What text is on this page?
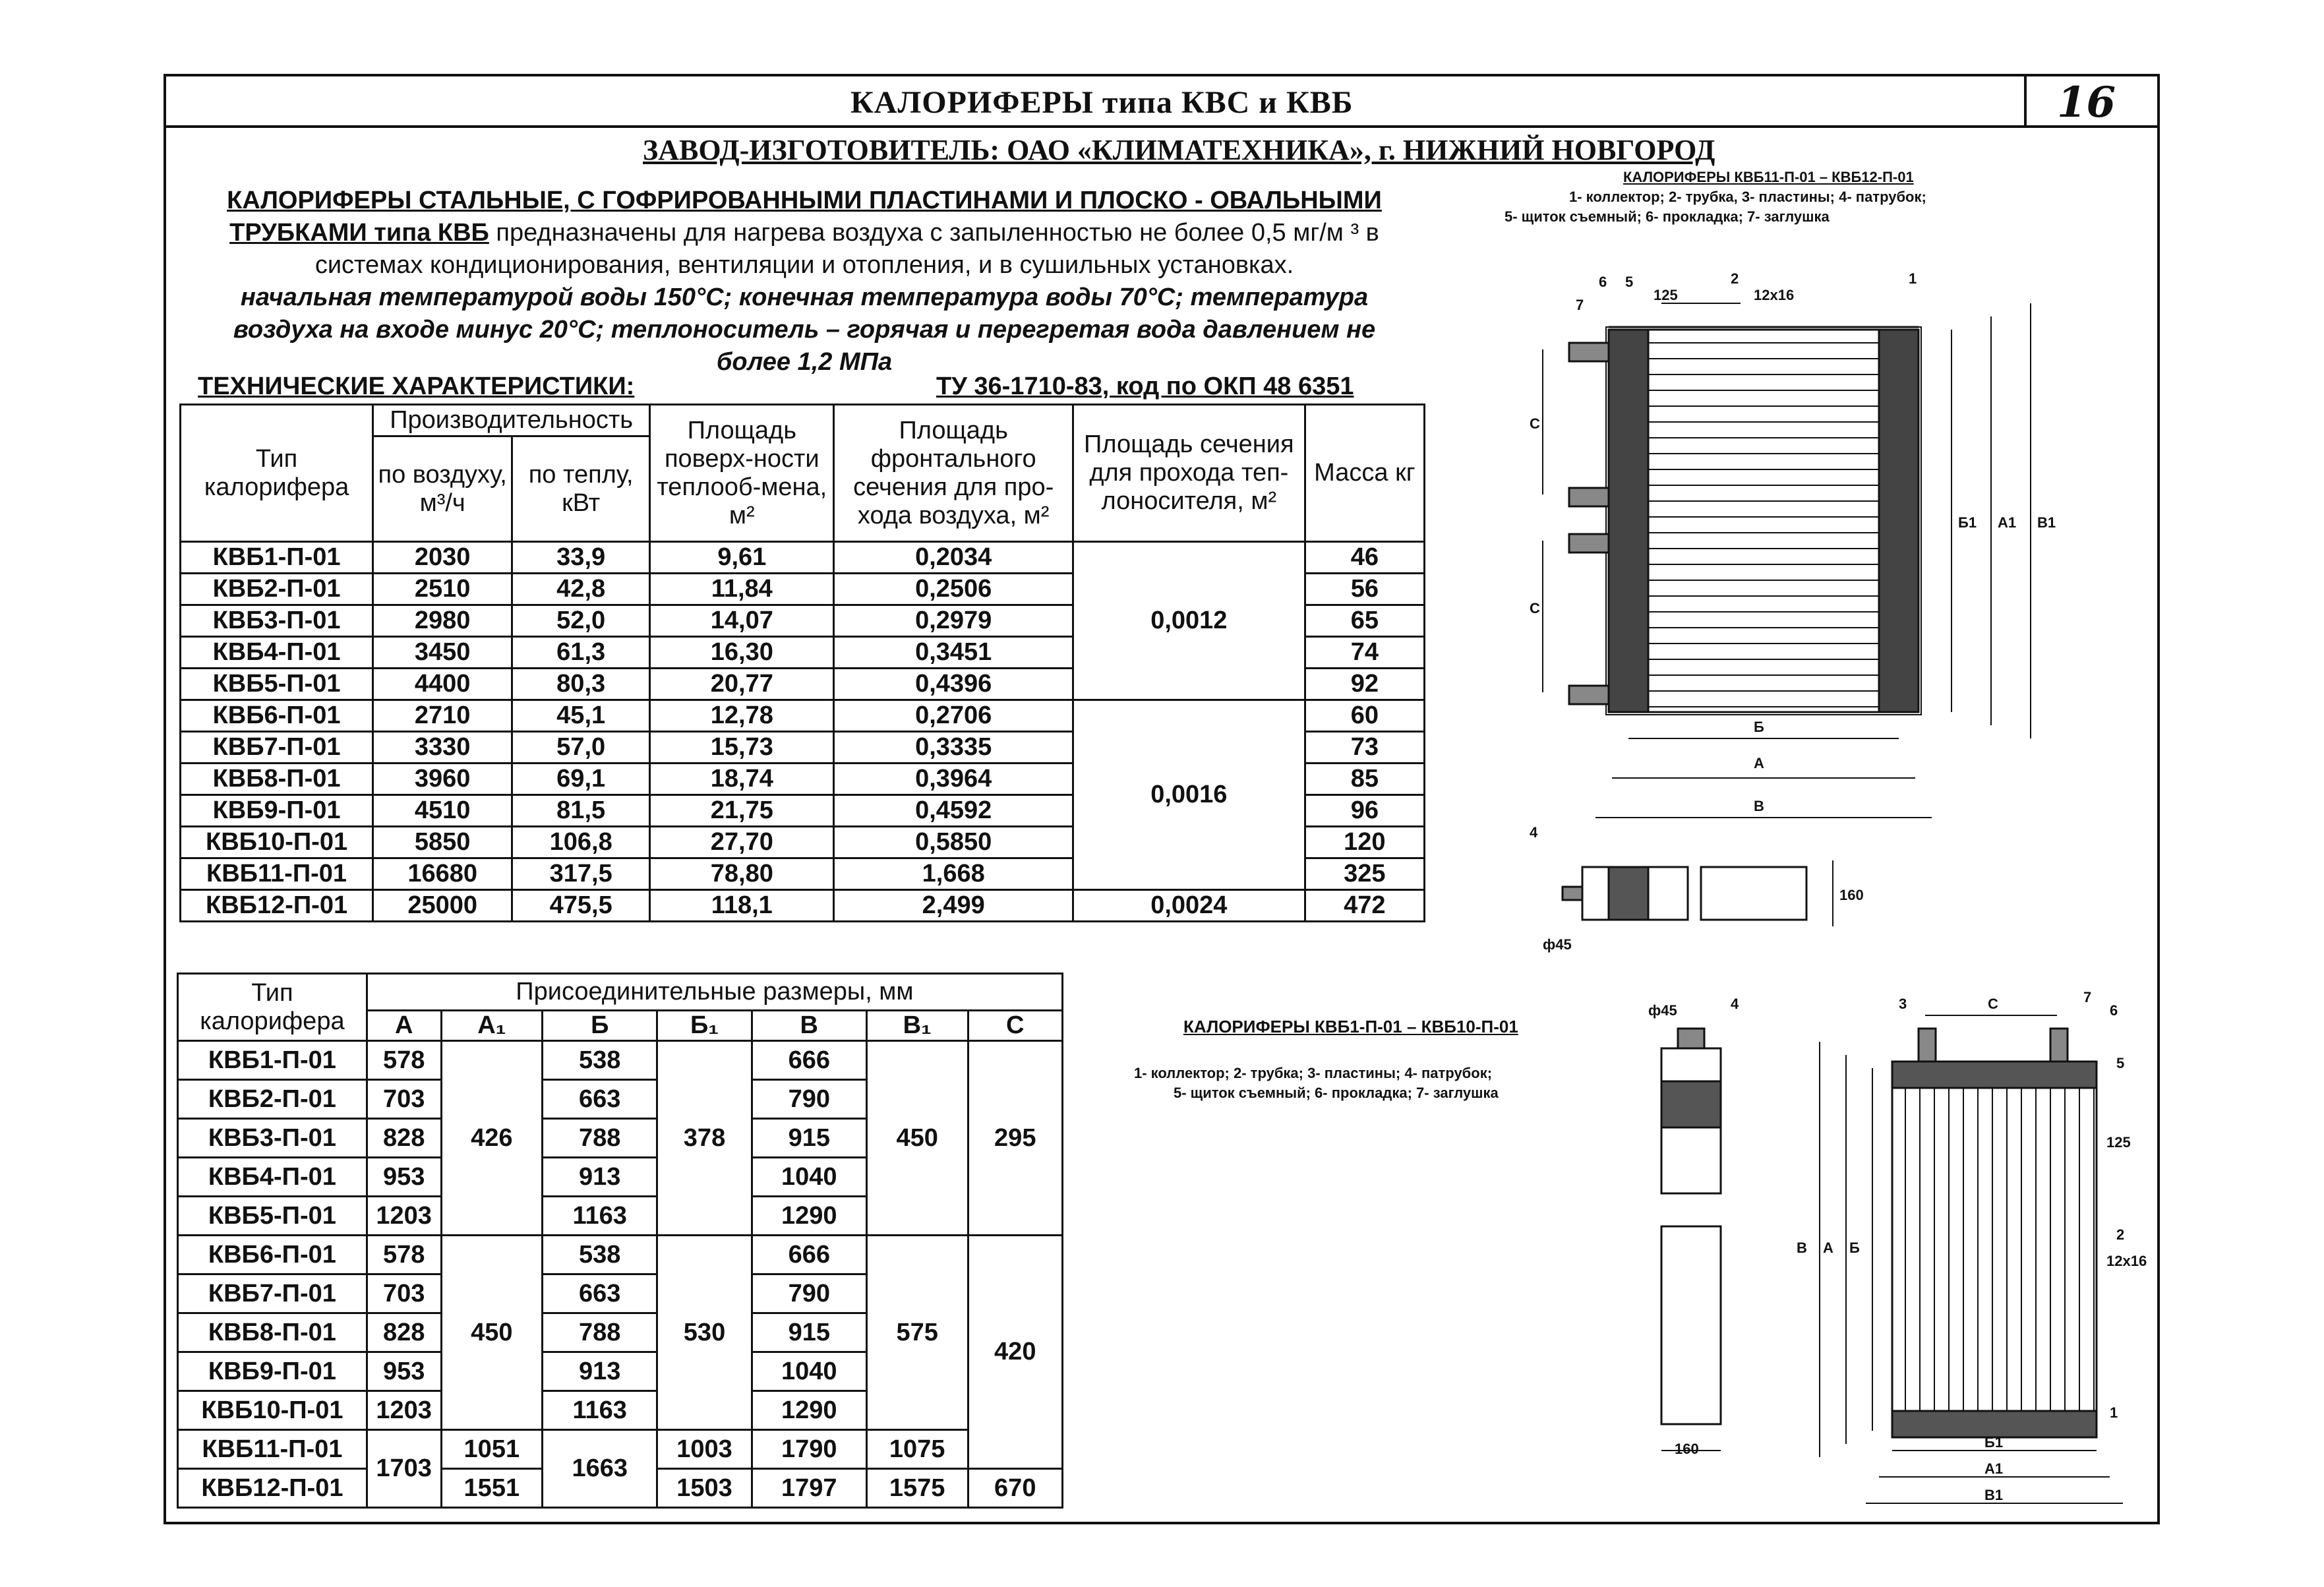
КАЛОРИФЕРЫ типа КВС и КВБ	16
ЗАВОД-ИЗГОТОВИТЕЛЬ: ОАО «КЛИМАТЕХНИКА», г. НИЖНИЙ НОВГОРОД
КАЛОРИФЕРЫ СТАЛЬНЫЕ, С ГОФРИРОВАННЫМИ ПЛАСТИНАМИ И ПЛОСКО - ОВАЛЬНЫМИ
ТРУБКАМИ типа КВБ предназначены для нагрева воздуха с запыленностью не более 0,5 мг/м ³ в
системах кондиционирования, вентиляции и отопления, и в сушильных установках.
начальная температурой воды 150°С; конечная температура воды 70°С; температура
воздуха на входе минус 20°С; теплоноситель – горячая и перегретая вода давлением не
более 1,2 МПа
ТЕХНИЧЕСКИЕ ХАРАКТЕРИСТИКИ:	ТУ 36-1710-83, код по ОКП 48 6351
Тип калорифера	Производительность		Площадь поверх-ности теплооб-мена, м²	Площадь фронтального сечения для про-хода воздуха, м²	Площадь сечения для прохода теп-лоносителя, м²	Масса кг
	по воздуху, м³/ч	по теплу, кВт				
КВБ1-П-01	2030	33,9	9,61	0,2034	0,0012	46
КВБ2-П-01	2510	42,8	11,84	0,2506		56
КВБ3-П-01	2980	52,0	14,07	0,2979		65
КВБ4-П-01	3450	61,3	16,30	0,3451		74
КВБ5-П-01	4400	80,3	20,77	0,4396		92
КВБ6-П-01	2710	45,1	12,78	0,2706	0,0016	60
КВБ7-П-01	3330	57,0	15,73	0,3335		73
КВБ8-П-01	3960	69,1	18,74	0,3964		85
КВБ9-П-01	4510	81,5	21,75	0,4592		96
КВБ10-П-01	5850	106,8	27,70	0,5850		120
КВБ11-П-01	16680	317,5	78,80	1,668		325
КВБ12-П-01	25000	475,5	118,1	2,499	0,0024	472
Тип калорифера	Присоединительные размеры, мм						
	А	А₁	Б	Б₁	В	В₁	С
КВБ1-П-01	578	426	538	378	666	450	295
КВБ2-П-01	703		663		790		
КВБ3-П-01	828		788		915		
КВБ4-П-01	953		913		1040		
КВБ5-П-01	1203		1163		1290		
КВБ6-П-01	578	450	538	530	666	575	420
КВБ7-П-01	703		663		790		
КВБ8-П-01	828		788		915		
КВБ9-П-01	953		913		1040		
КВБ10-П-01	1203		1163		1290		
КВБ11-П-01	1703	1051	1663	1003	1790	1075	
КВБ12-П-01		1551		1503	1797	1575	670
КАЛОРИФЕРЫ КВБ11-П-01 – КВБ12-П-01
1- коллектор; 2- трубка, 3- пластины; 4- патрубок;
5- щиток съемный; 6- прокладка; 7- заглушка
КАЛОРИФЕРЫ КВБ1-П-01 – КВБ10-П-01
1- коллектор; 2- трубка; 3- пластины; 4- патрубок;
5- щиток съемный; 6- прокладка; 7- заглушка
125	12x16
6 5
7
2	1
4
С
С
А
Б
В
Б1 А1 В1
ф45
160
ф45	4	3	С	7
6
5
2
1
125
12x16
А Б
В
Б1
А1
В1
160
